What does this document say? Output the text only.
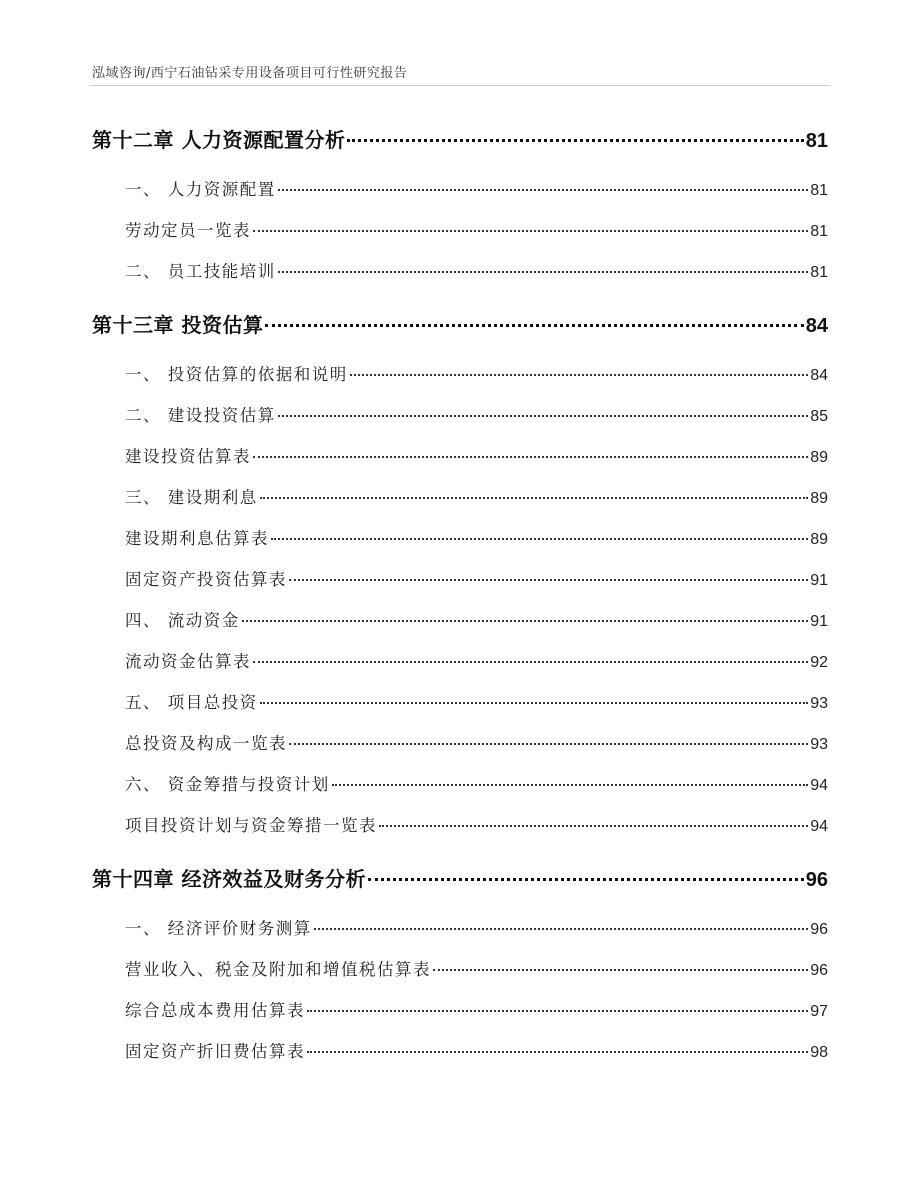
泓域咨询/西宁石油钻采专用设备项目可行性研究报告
第十二章 人力资源配置分析	81
一、 人力资源配置	81
劳动定员一览表	81
二、 员工技能培训	81
第十三章 投资估算	84
一、 投资估算的依据和说明	84
二、 建设投资估算	85
建设投资估算表	89
三、 建设期利息	89
建设期利息估算表	89
固定资产投资估算表	91
四、 流动资金	91
流动资金估算表	92
五、 项目总投资	93
总投资及构成一览表	93
六、 资金筹措与投资计划	94
项目投资计划与资金筹措一览表	94
第十四章 经济效益及财务分析	96
一、 经济评价财务测算	96
营业收入、税金及附加和增值税估算表	96
综合总成本费用估算表	97
固定资产折旧费估算表	98
